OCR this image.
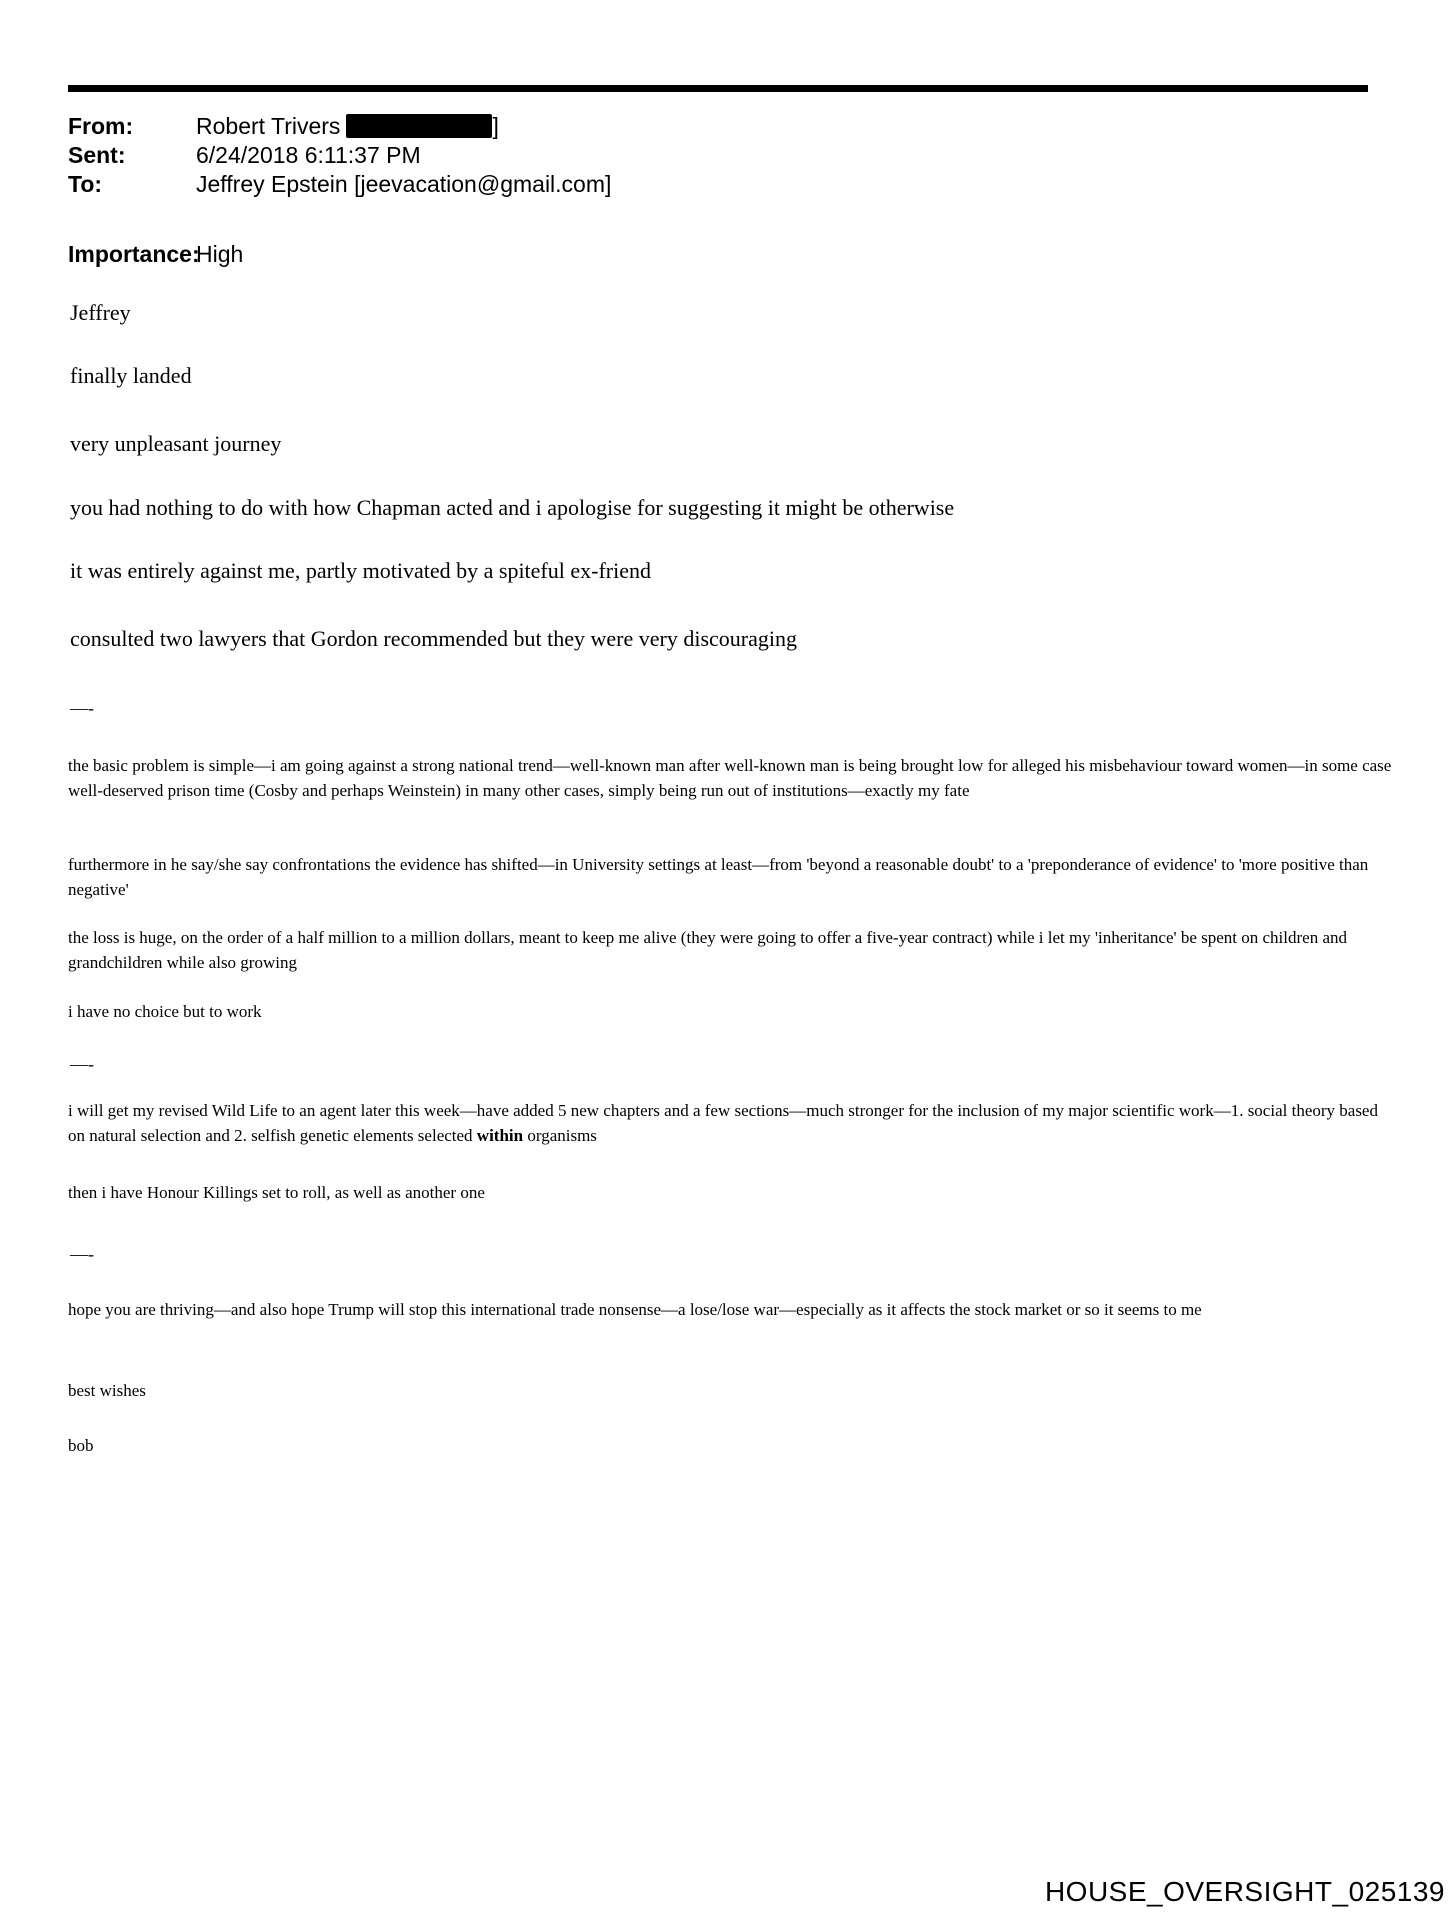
From:	Robert Trivers	]
Sent:	6/24/2018 6:11:37 PM
To:	Jeffrey Epstein [jeevacation@gmail.com]
Importance:
High
Jeffrey
finally landed
very unpleasant journey
you had nothing to do with how Chapman acted and i apologise for suggesting it might be otherwise
it was entirely against me, partly motivated by a spiteful ex-friend
consulted two lawyers that Gordon recommended but they were very discouraging
—-
the basic problem is simple—i am going against a strong national trend—well-known man after well-known man is being brought low for alleged his misbehaviour toward women—in some case well-deserved prison time (Cosby and perhaps Weinstein) in many other cases, simply being run out of institutions—exactly my fate
furthermore in he say/she say confrontations the evidence has shifted—in University settings at least—from 'beyond a reasonable doubt' to a 'preponderance of evidence' to 'more positive than negative'
the loss is huge, on the order of a half million to a million dollars, meant to keep me alive (they were going to offer a five-year contract) while i let my 'inheritance' be spent on children and grandchildren while also growing
i have no choice but to work
—-
i will get my revised Wild Life to an agent later this week—have added 5 new chapters and a few sections—much stronger for the inclusion of my major scientific work—1. social theory based on natural selection and 2. selfish genetic elements selected within organisms
then i have Honour Killings set to roll, as well as another one
—-
hope you are thriving—and also hope Trump will stop this international trade nonsense—a lose/lose war—especially as it affects the stock market or so it seems to me
best wishes
bob
HOUSE_OVERSIGHT_025139
